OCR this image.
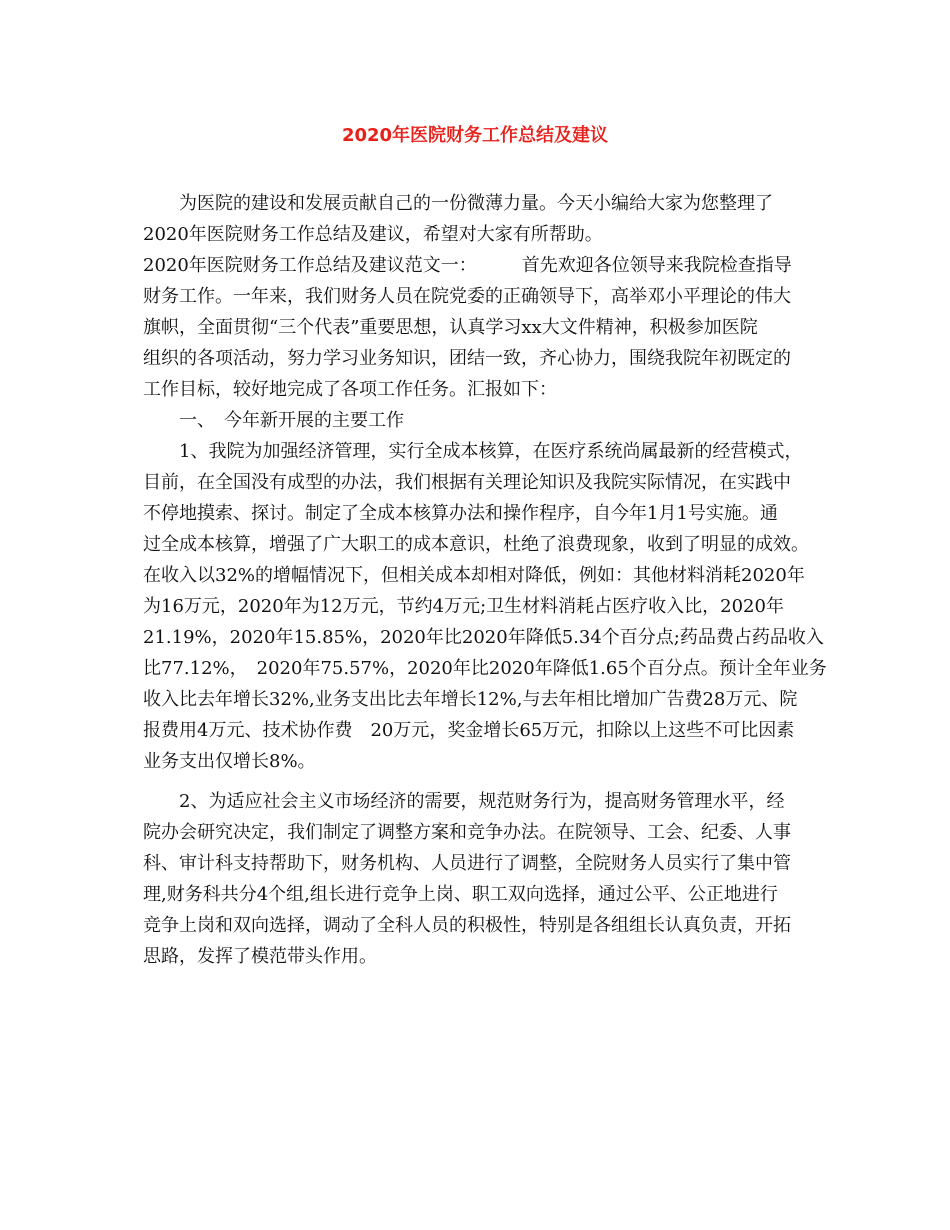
2020年医院财务工作总结及建议
为医院的建设和发展贡献自己的一份微薄力量。今天小编给大家为您整理了
2020年医院财务工作总结及建议，希望对大家有所帮助。
2020年医院财务工作总结及建议范文一：　　　首先欢迎各位领导来我院检查指导
财务工作。一年来，我们财务人员在院党委的正确领导下，高举邓小平理论的伟大
旗帜，全面贯彻“三个代表”重要思想，认真学习xx大文件精神，积极参加医院
组织的各项活动，努力学习业务知识，团结一致，齐心协力，围绕我院年初既定的
工作目标，较好地完成了各项工作任务。汇报如下：
一、　今年新开展的主要工作
1、我院为加强经济管理，实行全成本核算，在医疗系统尚属最新的经营模式，
目前，在全国没有成型的办法，我们根据有关理论知识及我院实际情况，在实践中
不停地摸索、探讨。制定了全成本核算办法和操作程序，自今年1月1号实施。通
过全成本核算，增强了广大职工的成本意识，杜绝了浪费现象，收到了明显的成效。
在收入以32%的增幅情况下，但相关成本却相对降低，例如：其他材料消耗2020年
为16万元，2020年为12万元，节约4万元;卫生材料消耗占医疗收入比，2020年
21.19%，2020年15.85%，2020年比2020年降低5.34个百分点;药品费占药品收入
比77.12%，　2020年75.57%，2020年比2020年降低1.65个百分点。预计全年业务
收入比去年增长32%,业务支出比去年增长12%,与去年相比增加广告费28万元、院
报费用4万元、技术协作费　20万元，奖金增长65万元，扣除以上这些不可比因素
业务支出仅增长8%。
2、为适应社会主义市场经济的需要，规范财务行为，提高财务管理水平，经
院办会研究决定，我们制定了调整方案和竞争办法。在院领导、工会、纪委、人事
科、审计科支持帮助下，财务机构、人员进行了调整，全院财务人员实行了集中管
理,财务科共分4个组,组长进行竞争上岗、职工双向选择，通过公平、公正地进行
竞争上岗和双向选择，调动了全科人员的积极性，特别是各组组长认真负责，开拓
思路，发挥了模范带头作用。
